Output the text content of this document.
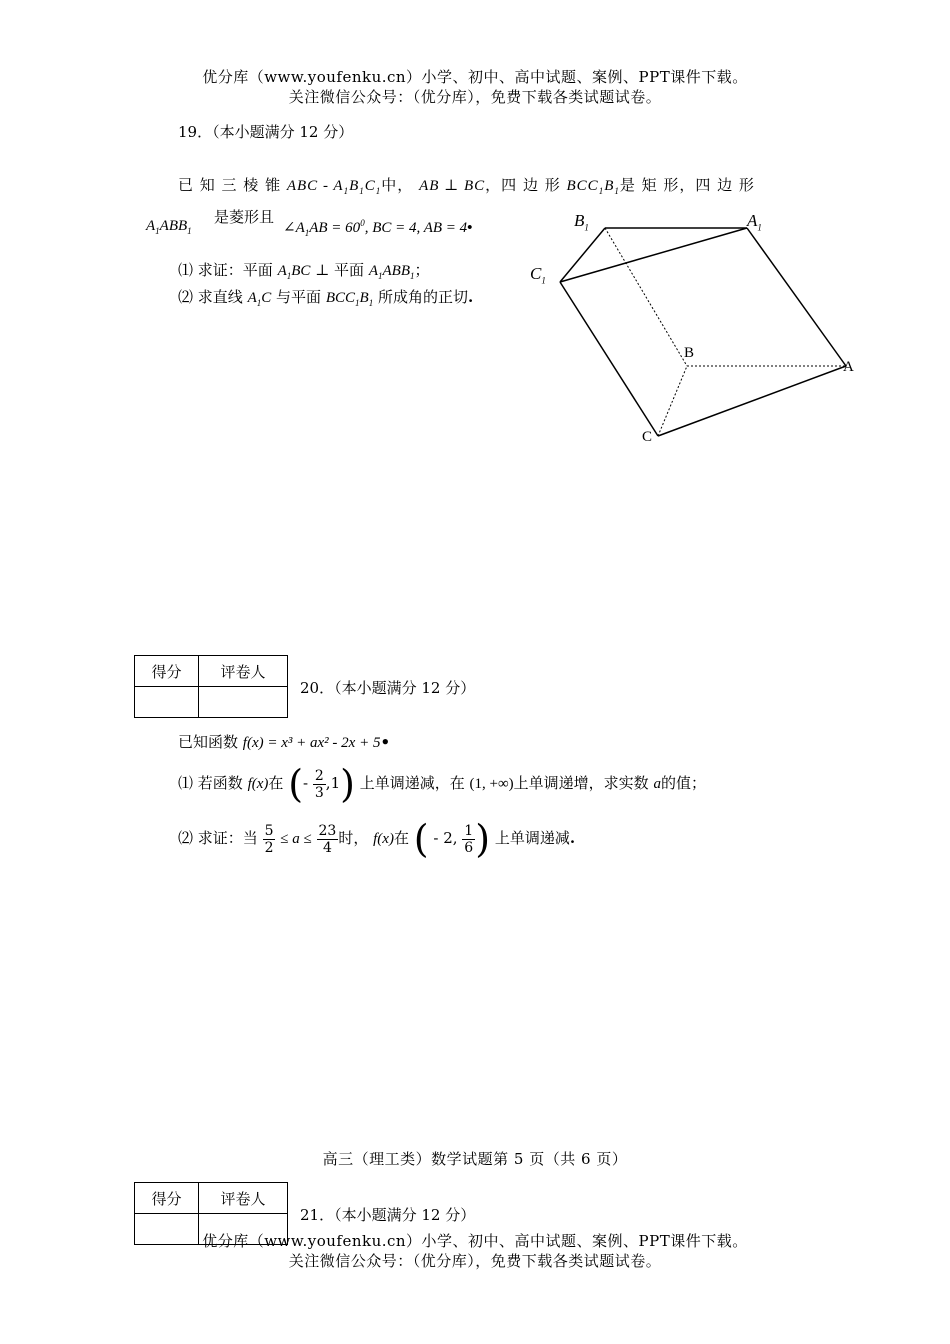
优分库（www.youfenku.cn）小学、初中、高中试题、案例、PPT课件下载。
关注微信公众号：（优分库），免费下载各类试题试卷。
19．（本小题满分 12 分）
已 知 三 棱 锥 ABC - $A_1B_1C_1$中， AB ⊥ BC，四 边 形 $BCC_1B_1$是 矩 形，四 边 形
$A_1ABB_1$
是菱形且
$\angle A_1AB = 60^0$, BC = 4, AB = 4•
⑴ 求证：平面 $A_1BC$ ⊥ 平面 $A_1ABB_1$；
⑵ 求直线 $A_1C$ 与平面 $BCC_1B_1$ 所成角的正切.
$B_1$	$A_1$
$C_1$
B
A
C
得分	评卷人

20．（本小题满分 12 分）
已知函数 f(x) = x³ + ax² - 2x + 5•
⑴ 若函数 f(x)在 (- $\frac{2}{3} ,1$) 上单调递减，在 (1, +∞)上单调递增，求实数 a的值；
⑵ 求证：当 $\frac{5}{2} \le a \le \frac{23}{4}$ 时， f(x)在 ( - 2, $\frac{1}{6}$ ) 上单调递减.
高三（理工类）数学试题第 5 页（共 6 页）
得分	评卷人

21．（本小题满分 12 分）
优分库（www.youfenku.cn）小学、初中、高中试题、案例、PPT课件下载。
关注微信公众号：（优分库），免费下载各类试题试卷。
